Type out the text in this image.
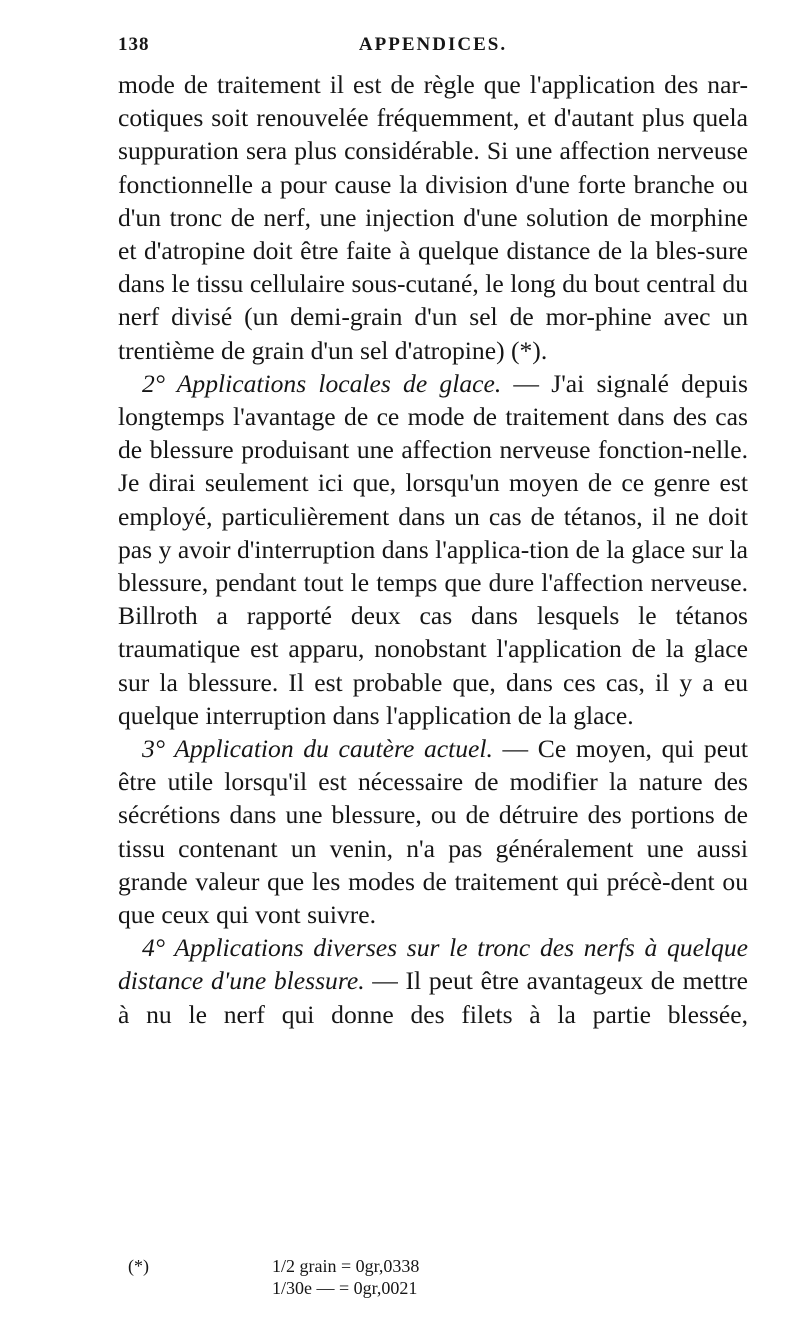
138	APPENDICES.

mode de traitement il est de règle que l'application des nar-cotiques soit renouvelée fréquemment, et d'autant plus quela suppuration sera plus considérable. Si une affection nerveuse fonctionnelle a pour cause la division d'une forte branche ou d'un tronc de nerf, une injection d'une solution de morphine et d'atropine doit être faite à quelque distance de la bles-sure dans le tissu cellulaire sous-cutané, le long du bout central du nerf divisé (un demi-grain d'un sel de mor-phine avec un trentième de grain d'un sel d'atropine) (*).

2° Applications locales de glace. — J'ai signalé depuis longtemps l'avantage de ce mode de traitement dans des cas de blessure produisant une affection nerveuse fonction-nelle. Je dirai seulement ici que, lorsqu'un moyen de ce genre est employé, particulièrement dans un cas de tétanos, il ne doit pas y avoir d'interruption dans l'applica-tion de la glace sur la blessure, pendant tout le temps que dure l'affection nerveuse. Billroth a rapporté deux cas dans lesquels le tétanos traumatique est apparu, nonobstant l'application de la glace sur la blessure. Il est probable que, dans ces cas, il y a eu quelque interruption dans l'application de la glace.

3° Application du cautère actuel. — Ce moyen, qui peut être utile lorsqu'il est nécessaire de modifier la nature des sécrétions dans une blessure, ou de détruire des portions de tissu contenant un venin, n'a pas généralement une aussi grande valeur que les modes de traitement qui précè-dent ou que ceux qui vont suivre.

4° Applications diverses sur le tronc des nerfs à quelque distance d'une blessure. — Il peut être avantageux de mettre à nu le nerf qui donne des filets à la partie blessée,

(*)	1/2 grain = 0gr,0338
1/30e — = 0gr,0021
